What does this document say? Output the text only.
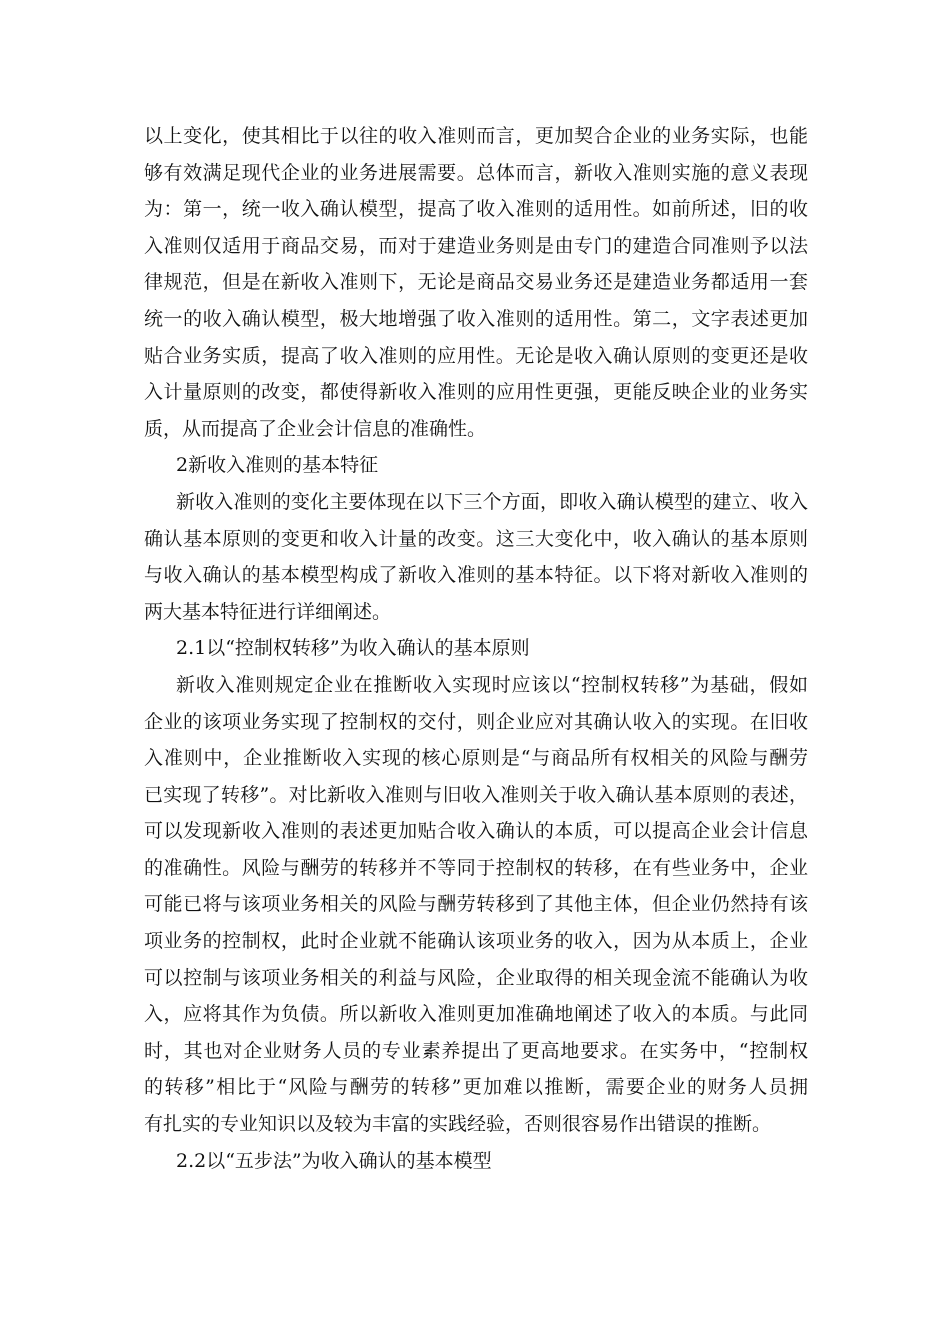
以上变化，使其相比于以往的收入准则而言，更加契合企业的业务实际，也能
够有效满足现代企业的业务进展需要。总体而言，新收入准则实施的意义表现
为：第一，统一收入确认模型，提高了收入准则的适用性。如前所述，旧的收
入准则仅适用于商品交易，而对于建造业务则是由专门的建造合同准则予以法
律规范，但是在新收入准则下，无论是商品交易业务还是建造业务都适用一套
统一的收入确认模型，极大地增强了收入准则的适用性。第二，文字表述更加
贴合业务实质，提高了收入准则的应用性。无论是收入确认原则的变更还是收
入计量原则的改变，都使得新收入准则的应用性更强，更能反映企业的业务实
质，从而提高了企业会计信息的准确性。
2新收入准则的基本特征
新收入准则的变化主要体现在以下三个方面，即收入确认模型的建立、收入
确认基本原则的变更和收入计量的改变。这三大变化中，收入确认的基本原则
与收入确认的基本模型构成了新收入准则的基本特征。以下将对新收入准则的
两大基本特征进行详细阐述。
2.1以“控制权转移”为收入确认的基本原则
新收入准则规定企业在推断收入实现时应该以“控制权转移”为基础，假如
企业的该项业务实现了控制权的交付，则企业应对其确认收入的实现。在旧收
入准则中，企业推断收入实现的核心原则是“与商品所有权相关的风险与酬劳
已实现了转移”。对比新收入准则与旧收入准则关于收入确认基本原则的表述，
可以发现新收入准则的表述更加贴合收入确认的本质，可以提高企业会计信息
的准确性。风险与酬劳的转移并不等同于控制权的转移，在有些业务中，企业
可能已将与该项业务相关的风险与酬劳转移到了其他主体，但企业仍然持有该
项业务的控制权，此时企业就不能确认该项业务的收入，因为从本质上，企业
可以控制与该项业务相关的利益与风险，企业取得的相关现金流不能确认为收
入，应将其作为负债。所以新收入准则更加准确地阐述了收入的本质。与此同
时，其也对企业财务人员的专业素养提出了更高地要求。在实务中，“控制权
的转移”相比于“风险与酬劳的转移”更加难以推断，需要企业的财务人员拥
有扎实的专业知识以及较为丰富的实践经验，否则很容易作出错误的推断。
2.2以“五步法”为收入确认的基本模型
